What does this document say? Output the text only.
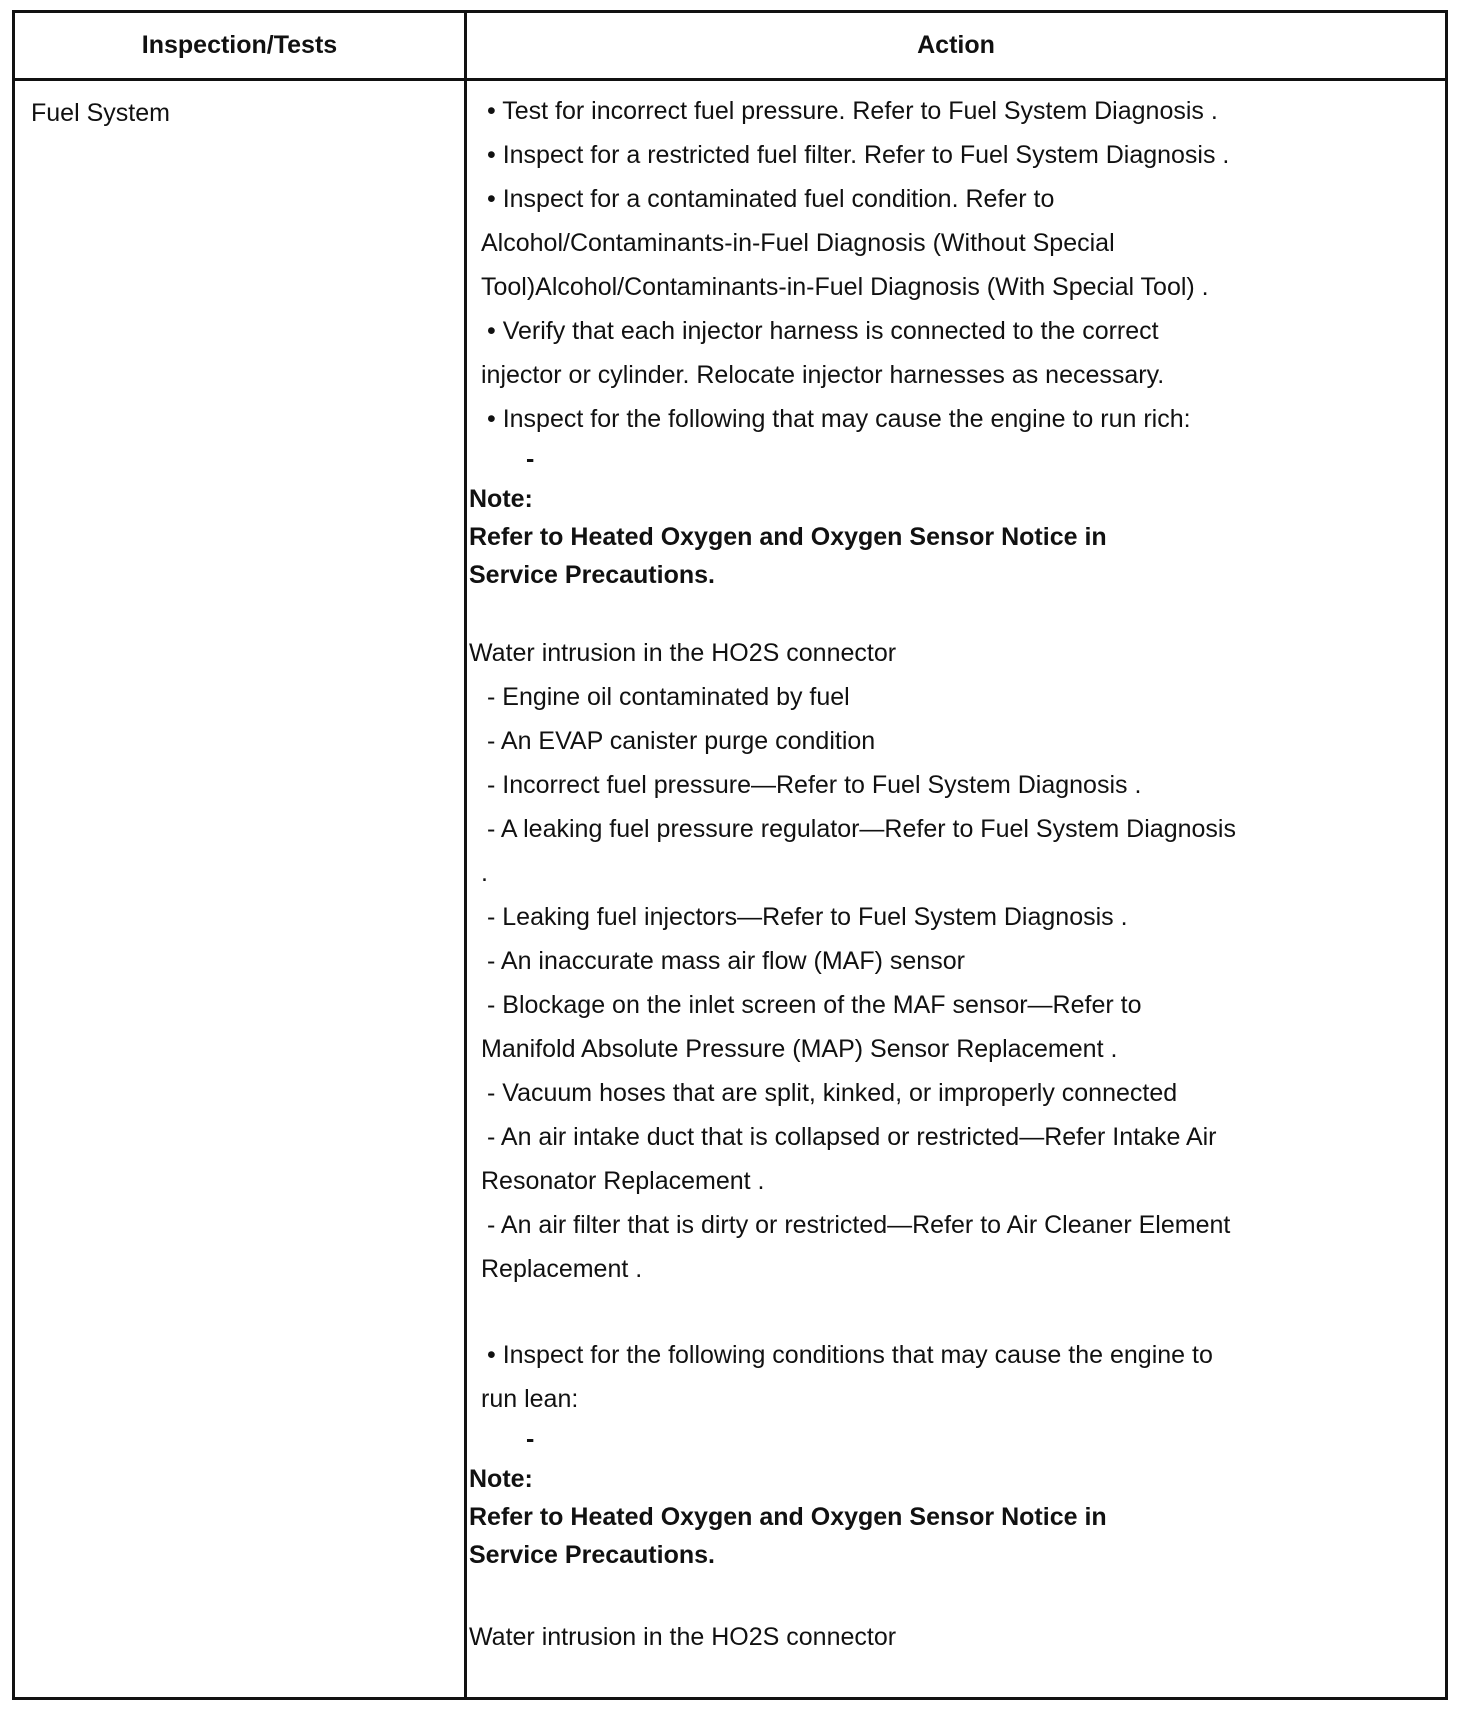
Inspection/Tests	Action
Fuel System	• Test for incorrect fuel pressure. Refer to Fuel System Diagnosis .
• Inspect for a restricted fuel filter. Refer to Fuel System Diagnosis .
• Inspect for a contaminated fuel condition. Refer to
Alcohol/Contaminants-in-Fuel Diagnosis (Without Special
Tool)Alcohol/Contaminants-in-Fuel Diagnosis (With Special Tool) .
• Verify that each injector harness is connected to the correct
injector or cylinder. Relocate injector harnesses as necessary.
• Inspect for the following that may cause the engine to run rich:
-
Note:
Refer to Heated Oxygen and Oxygen Sensor Notice in
Service Precautions.
Water intrusion in the HO2S connector
- Engine oil contaminated by fuel
- An EVAP canister purge condition
- Incorrect fuel pressure—Refer to Fuel System Diagnosis .
- A leaking fuel pressure regulator—Refer to Fuel System Diagnosis
.
- Leaking fuel injectors—Refer to Fuel System Diagnosis .
- An inaccurate mass air flow (MAF) sensor
- Blockage on the inlet screen of the MAF sensor—Refer to
Manifold Absolute Pressure (MAP) Sensor Replacement .
- Vacuum hoses that are split, kinked, or improperly connected
- An air intake duct that is collapsed or restricted—Refer Intake Air
Resonator Replacement .
- An air filter that is dirty or restricted—Refer to Air Cleaner Element
Replacement .
• Inspect for the following conditions that may cause the engine to
run lean:
-
Note:
Refer to Heated Oxygen and Oxygen Sensor Notice in
Service Precautions.
Water intrusion in the HO2S connector
